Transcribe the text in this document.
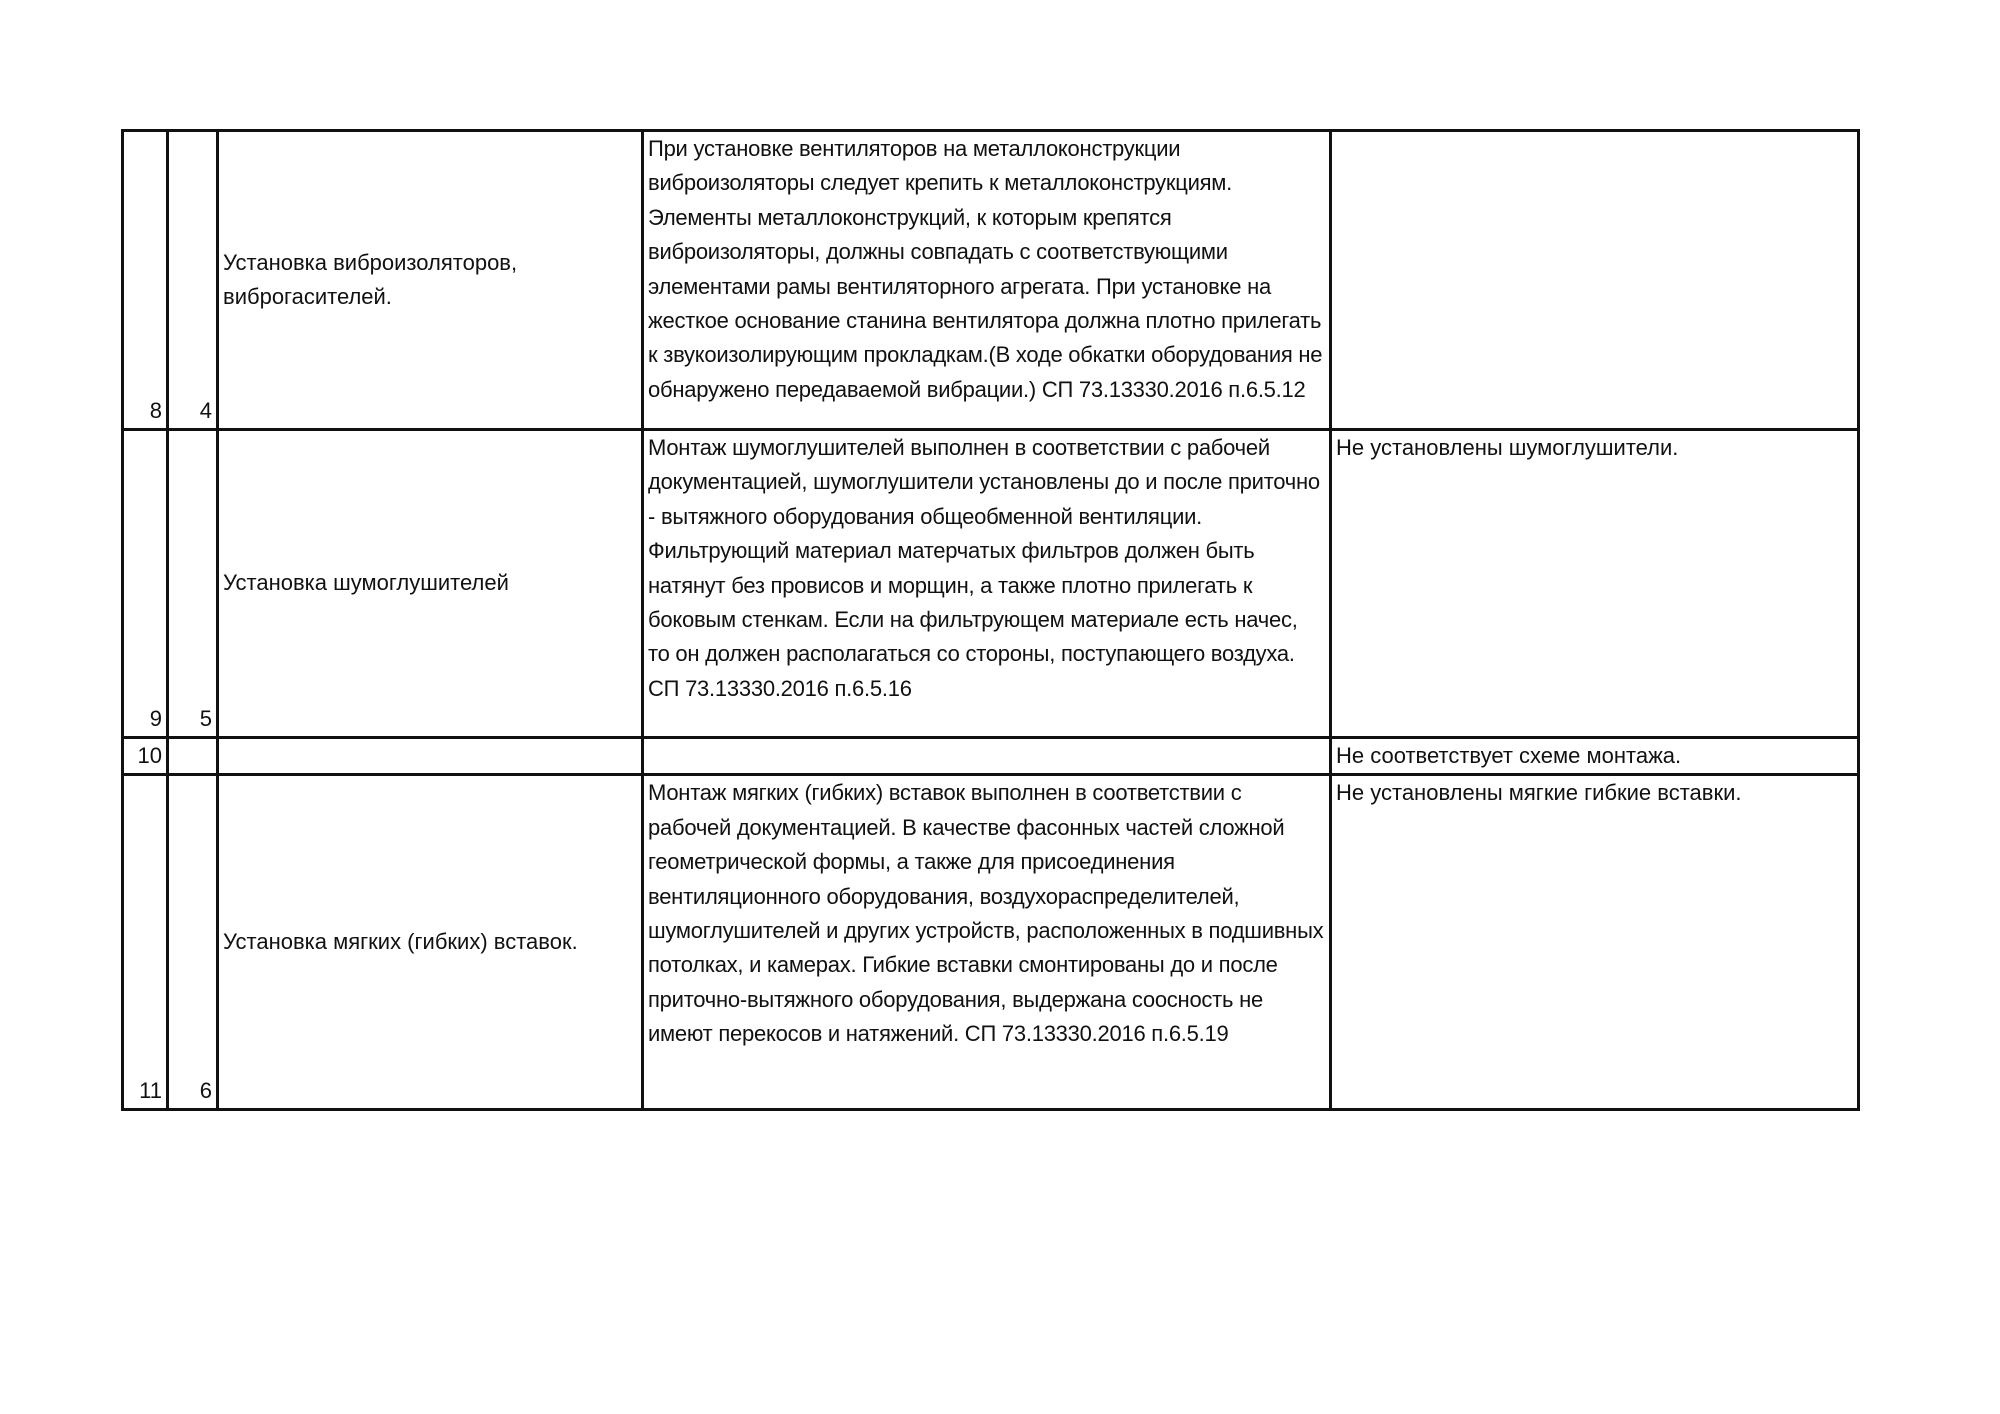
8	4	Установка виброизоляторов, виброгасителей.	При установке вентиляторов на металлоконструкции виброизоляторы следует крепить к металлоконструкциям. Элементы металлоконструкций, к которым крепятся виброизоляторы, должны совпадать с соответствующими элементами рамы вентиляторного агрегата. При установке на жесткое основание станина вентилятора должна плотно прилегать к звукоизолирующим прокладкам.(В ходе обкатки оборудования не обнаружено передаваемой вибрации.) СП 73.13330.2016 п.6.5.12	
9	5	Установка шумоглушителей	Монтаж шумоглушителей выполнен в соответствии с рабочей документацией, шумоглушители установлены до и после приточно - вытяжного оборудования общеобменной вентиляции. Фильтрующий материал матерчатых фильтров должен быть натянут без провисов и морщин, а также плотно прилегать к боковым стенкам. Если на фильтрующем материале есть начес, то он должен располагаться со стороны, поступающего воздуха. СП 73.13330.2016 п.6.5.16	Не установлены шумоглушители.
10				Не соответствует схеме монтажа.
11	6	Установка мягких (гибких) вставок.	Монтаж мягких (гибких) вставок выполнен в соответствии с рабочей документацией. В качестве фасонных частей сложной геометрической формы, а также для присоединения вентиляционного оборудования, воздухораспределителей, шумоглушителей и других устройств, расположенных в подшивных потолках, и камерах. Гибкие вставки смонтированы до и после приточно-вытяжного оборудования, выдержана соосность не имеют перекосов и натяжений. СП 73.13330.2016 п.6.5.19	Не установлены мягкие гибкие вставки.
